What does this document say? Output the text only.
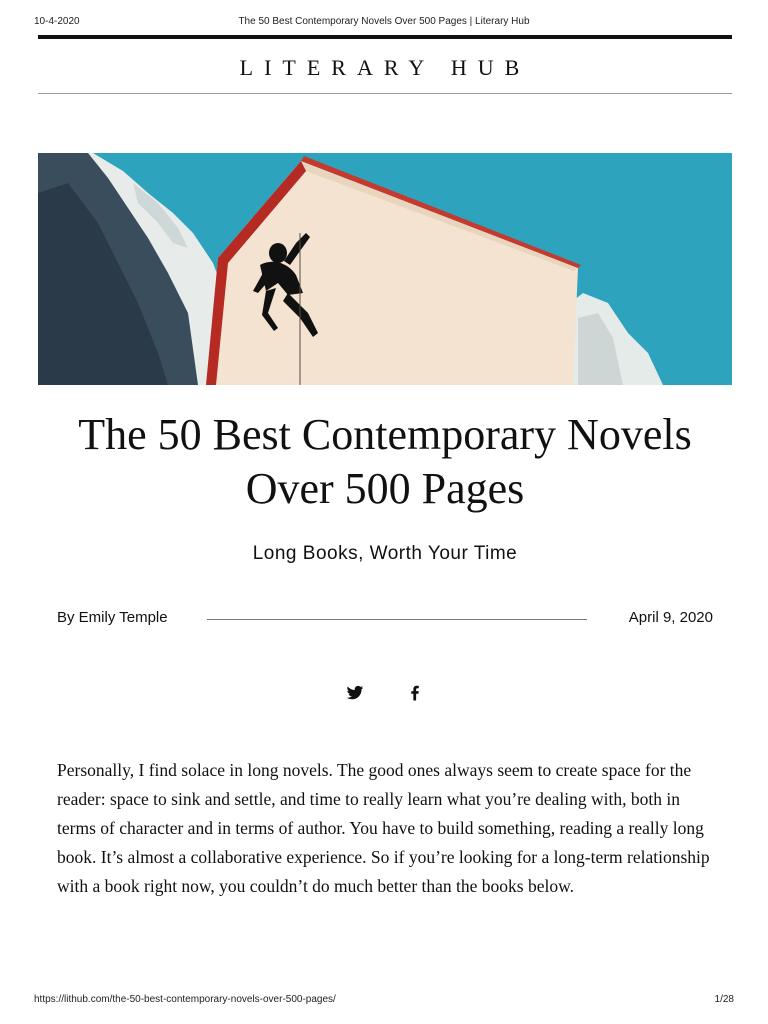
10-4-2020	The 50 Best Contemporary Novels Over 500 Pages | Literary Hub
LITERARY HUB
The 50 Best Contemporary Novels Over 500 Pages
Long Books, Worth Your Time
By Emily Temple	April 9, 2020

Personally, I find solace in long novels. The good ones always seem to create space for the reader: space to sink and settle, and time to really learn what you’re dealing with, both in terms of character and in terms of author. You have to build something, reading a really long book. It’s almost a collaborative experience. So if you’re looking for a long-term relationship with a book right now, you couldn’t do much better than the books below.

https://lithub.com/the-50-best-contemporary-novels-over-500-pages/	1/28
